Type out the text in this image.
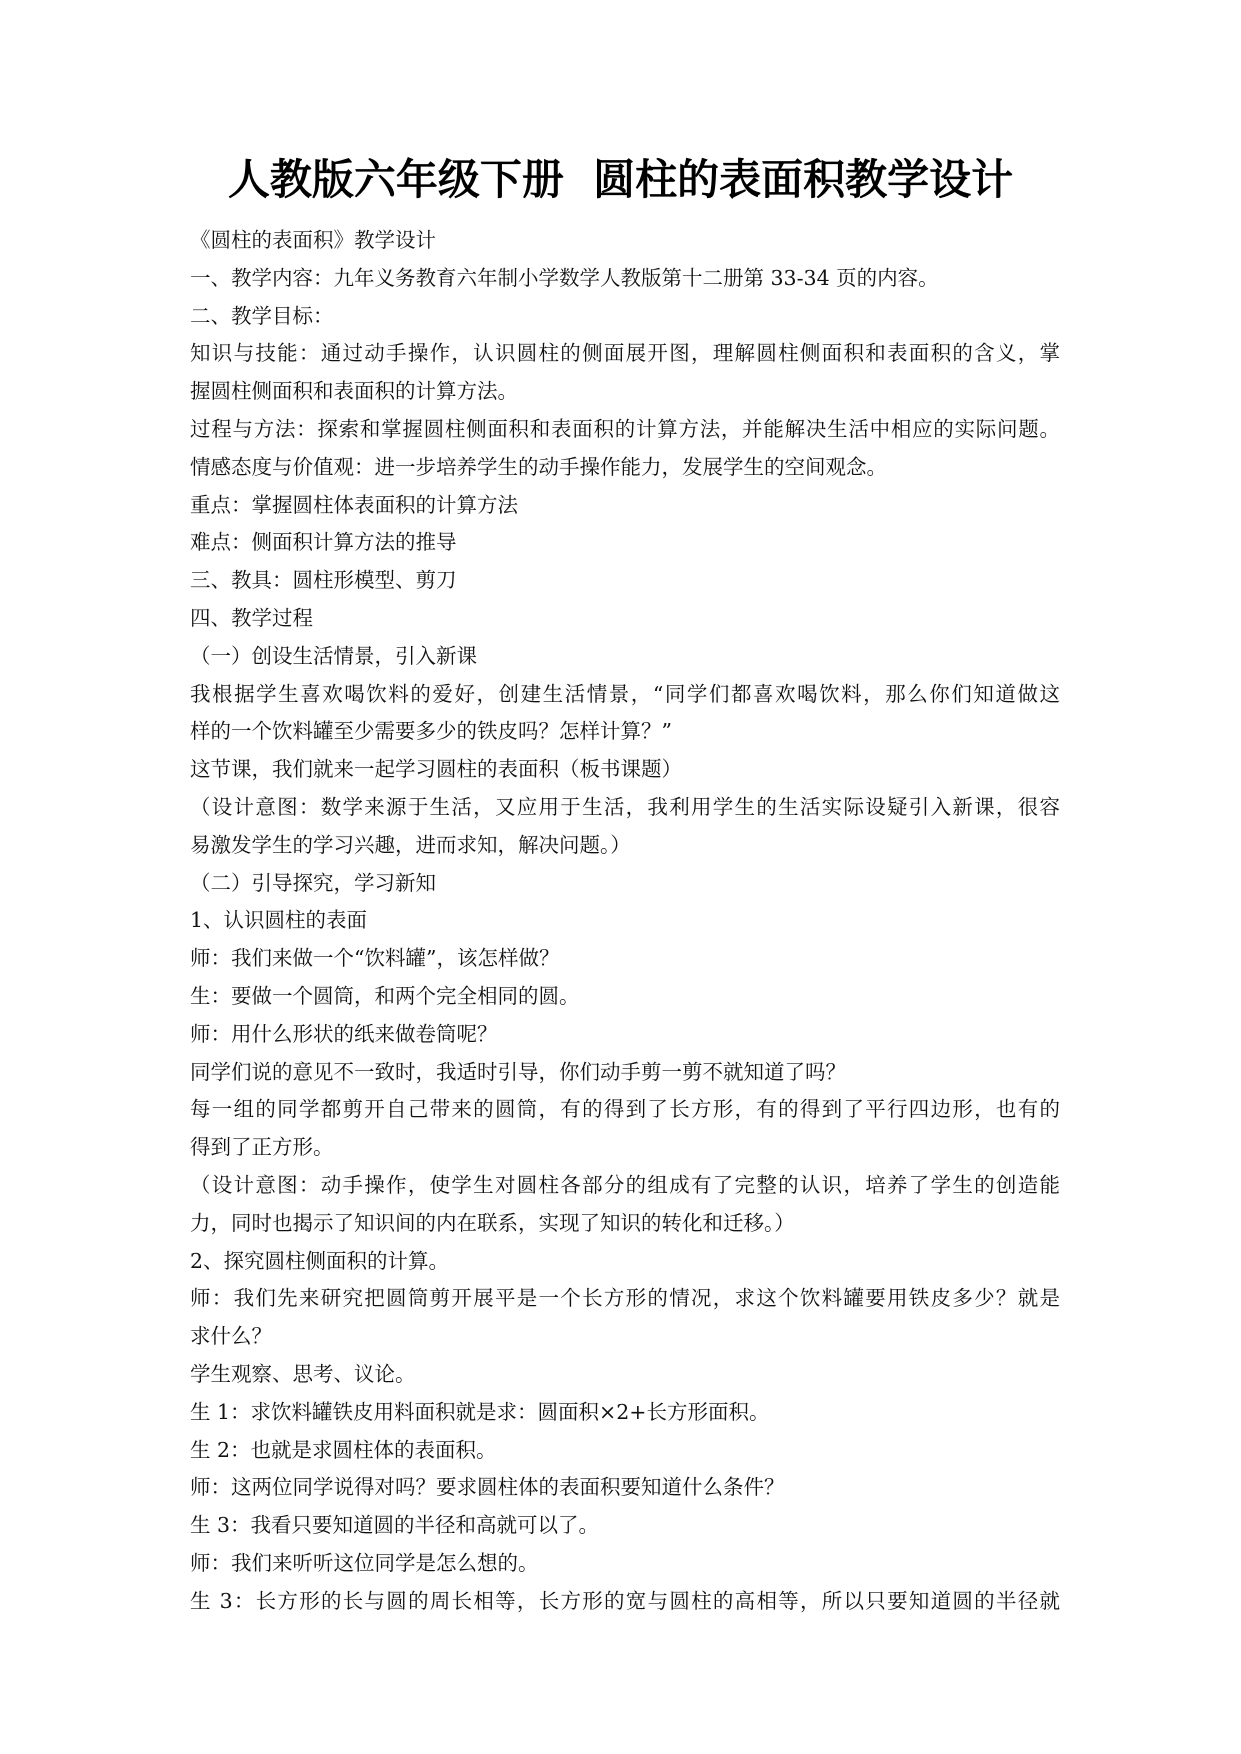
人教版六年级下册  圆柱的表面积教学设计
《圆柱的表面积》教学设计
一、教学内容：九年义务教育六年制小学数学人教版第十二册第 33-34 页的内容。
二、教学目标：
知识与技能：通过动手操作，认识圆柱的侧面展开图，理解圆柱侧面积和表面积的含义，掌
握圆柱侧面积和表面积的计算方法。
过程与方法：探索和掌握圆柱侧面积和表面积的计算方法，并能解决生活中相应的实际问题。
情感态度与价值观：进一步培养学生的动手操作能力，发展学生的空间观念。
重点：掌握圆柱体表面积的计算方法
难点：侧面积计算方法的推导
三、教具：圆柱形模型、剪刀
四、教学过程
（一）创设生活情景，引入新课
我根据学生喜欢喝饮料的爱好，创建生活情景，“同学们都喜欢喝饮料，那么你们知道做这
样的一个饮料罐至少需要多少的铁皮吗？怎样计算？”
这节课，我们就来一起学习圆柱的表面积（板书课题）
（设计意图：数学来源于生活，又应用于生活，我利用学生的生活实际设疑引入新课，很容
易激发学生的学习兴趣，进而求知，解决问题。）
（二）引导探究，学习新知
1、认识圆柱的表面
师：我们来做一个“饮料罐”，该怎样做？
生：要做一个圆筒，和两个完全相同的圆。
师：用什么形状的纸来做卷筒呢？
同学们说的意见不一致时，我适时引导，你们动手剪一剪不就知道了吗？
每一组的同学都剪开自己带来的圆筒，有的得到了长方形，有的得到了平行四边形，也有的
得到了正方形。
（设计意图：动手操作，使学生对圆柱各部分的组成有了完整的认识，培养了学生的创造能
力，同时也揭示了知识间的内在联系，实现了知识的转化和迁移。）
2、探究圆柱侧面积的计算。
师：我们先来研究把圆筒剪开展平是一个长方形的情况，求这个饮料罐要用铁皮多少？就是
求什么？
学生观察、思考、议论。
生 1：求饮料罐铁皮用料面积就是求：圆面积×2+长方形面积。
生 2：也就是求圆柱体的表面积。
师：这两位同学说得对吗？要求圆柱体的表面积要知道什么条件？
生 3：我看只要知道圆的半径和高就可以了。
师：我们来听听这位同学是怎么想的。
生 3：长方形的长与圆的周长相等，长方形的宽与圆柱的高相等，所以只要知道圆的半径就
